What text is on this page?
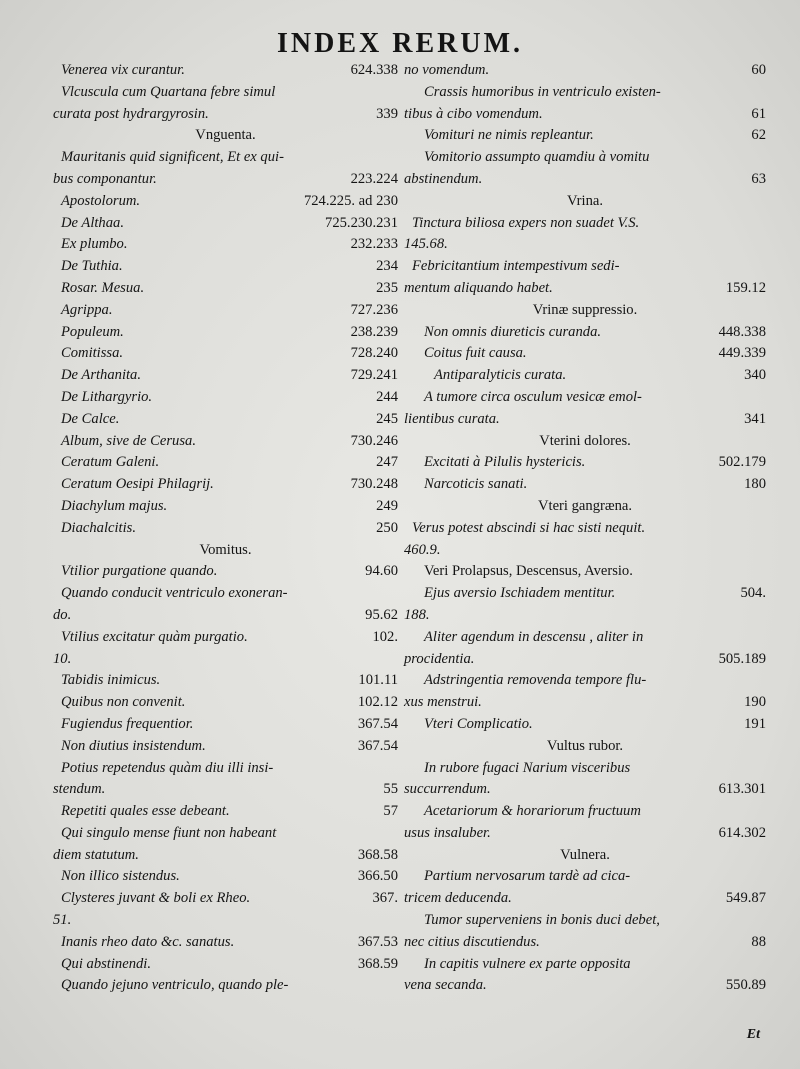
INDEX RERUM.
Venerea vix curantur.	624.338
Vlcuscula cum Quartana febre simul
curata post hydrargyrosin.	339
Vnguenta.
Mauritanis quid significent, Et ex qui-
bus componantur.	223.224
Apostolorum.	724.225. ad 230
De Althaa.	725.230.231
Ex plumbo.	232.233
De Tuthia.	234
Rosar. Mesua.	235
Agrippa.	727.236
Populeum.	238.239
Comitissa.	728.240
De Arthanita.	729.241
De Lithargyrio.	244
De Calce.	245
Album, sive de Cerusa.	730.246
Ceratum Galeni.	247
Ceratum Oesipi Philagrij.	730.248
Diachylum majus.	249
Diachalcitis.	250
Vomitus.
Vtilior purgatione quando.	94.60
Quando conducit ventriculo exoneran-
do.	95.62
Vtilius excitatur quàm purgatio.	102.
10.
Tabidis inimicus.	101.11
Quibus non convenit.	102.12
Fugiendus frequentior.	367.54
Non diutius insistendum.	367.54
Potius repetendus quàm diu illi insi-
stendum.	55
Repetiti quales esse debeant.	57
Qui singulo mense fiunt non habeant
diem statutum.	368.58
Non illico sistendus.	366.50
Clysteres juvant & boli ex Rheo.	367.
51.
Inanis rheo dato &c. sanatus.	367.53
Qui abstinendi.	368.59
Quando jejuno ventriculo, quando ple-
no vomendum.	60
Crassis humoribus in ventriculo existen-
tibus à cibo vomendum.	61
Vomituri ne nimis repleantur.	62
Vomitorio assumpto quamdiu à vomitu
abstinendum.	63
Vrina.
Tinctura biliosa expers non suadet V.S.
145.68.
Febricitantium intempestivum sedi-
mentum aliquando habet.	159.12
Vrinæ suppressio.
Non omnis diureticis curanda.	448.338
Coitus fuit causa.	449.339
Antiparalyticis curata.	340
A tumore circa osculum vesicæ emol-
lientibus curata.	341
Vterini dolores.
Excitati à Pilulis hystericis.	502.179
Narcoticis sanati.	180
Vteri gangræna.
Verus potest abscindi si hac sisti nequit.
460.9.
Veri Prolapsus, Descensus, Aversio.
Ejus aversio Ischiadem mentitur.	504.
188.
Aliter agendum in descensu , aliter in
procidentia.	505.189
Adstringentia removenda tempore flu-
xus menstrui.	190
Vteri Complicatio.	191
Vultus rubor.
In rubore fugaci Narium visceribus
succurrendum.	613.301
Acetariorum & horariorum fructuum
usus insaluber.	614.302
Vulnera.
Partium nervosarum tardè ad cica-
tricem deducenda.	549.87
Tumor superveniens in bonis duci debet,
nec citius discutiendus.	88
In capitis vulnere ex parte opposita
vena secanda.	550.89
Et
